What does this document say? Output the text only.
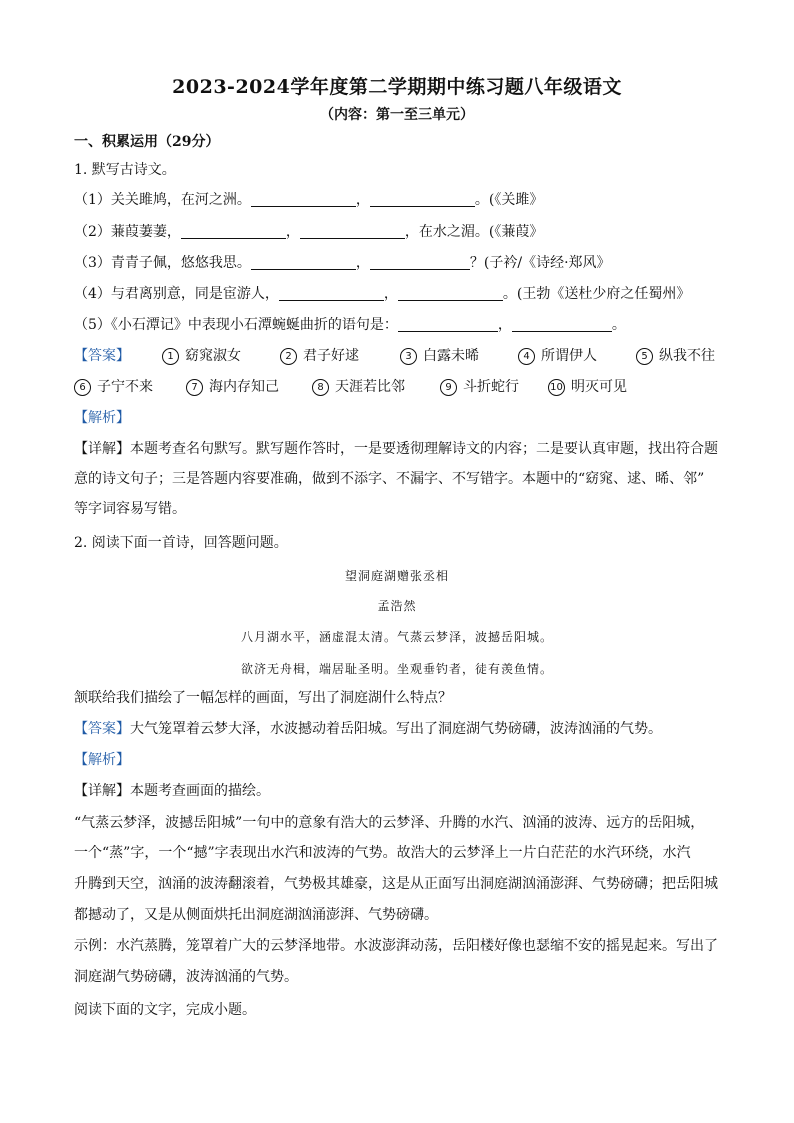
2023-2024学年度第二学期期中练习题八年级语文
（内容：第一至三单元）
一、积累运用（29分）
1. 默写古诗文。
（1）关关雎鸠，在河之洲。	，	。(《关雎》
（2）蒹葭萋萋，	，	，在水之湄。(《蒹葭》
（3）青青子佩，悠悠我思。	，	？(子衿/《诗经·郑风》
（4）与君离别意，同是宦游人，	，	。(王勃《送杜少府之任蜀州》
（5）《小石潭记》中表现小石潭蜿蜒曲折的语句是：	，	。
【答案】	1 窈窕淑女	2 君子好逑	3 白露未晞	4 所谓伊人	5 纵我不往
6 子宁不来	7 海内存知己	8 天涯若比邻	9 斗折蛇行	10 明灭可见
【解析】
【详解】本题考查名句默写。默写题作答时，一是要透彻理解诗文的内容；二是要认真审题，找出符合题
意的诗文句子；三是答题内容要准确，做到不添字、不漏字、不写错字。本题中的“窈窕、逑、晞、邻”
等字词容易写错。
2. 阅读下面一首诗，回答题问题。
望洞庭湖赠张丞相
孟浩然
八月湖水平，涵虚混太清。气蒸云梦泽，波撼岳阳城。
欲济无舟楫，端居耻圣明。坐观垂钓者，徒有羡鱼情。
颔联给我们描绘了一幅怎样的画面，写出了洞庭湖什么特点？
【答案】大气笼罩着云梦大泽，水波撼动着岳阳城。写出了洞庭湖气势磅礴，波涛汹涌的气势。
【解析】
【详解】本题考查画面的描绘。
“气蒸云梦泽，波撼岳阳城”一句中的意象有浩大的云梦泽、升腾的水汽、汹涌的波涛、远方的岳阳城，
一个“蒸”字，一个“撼”字表现出水汽和波涛的气势。故浩大的云梦泽上一片白茫茫的水汽环绕，水汽
升腾到天空，汹涌的波涛翻滚着，气势极其雄豪，这是从正面写出洞庭湖汹涌澎湃、气势磅礴；把岳阳城
都撼动了，又是从侧面烘托出洞庭湖汹涌澎湃、气势磅礴。
示例：水汽蒸腾，笼罩着广大的云梦泽地带。水波澎湃动荡，岳阳楼好像也瑟缩不安的摇晃起来。写出了
洞庭湖气势磅礴，波涛汹涌的气势。
阅读下面的文字，完成小题。
